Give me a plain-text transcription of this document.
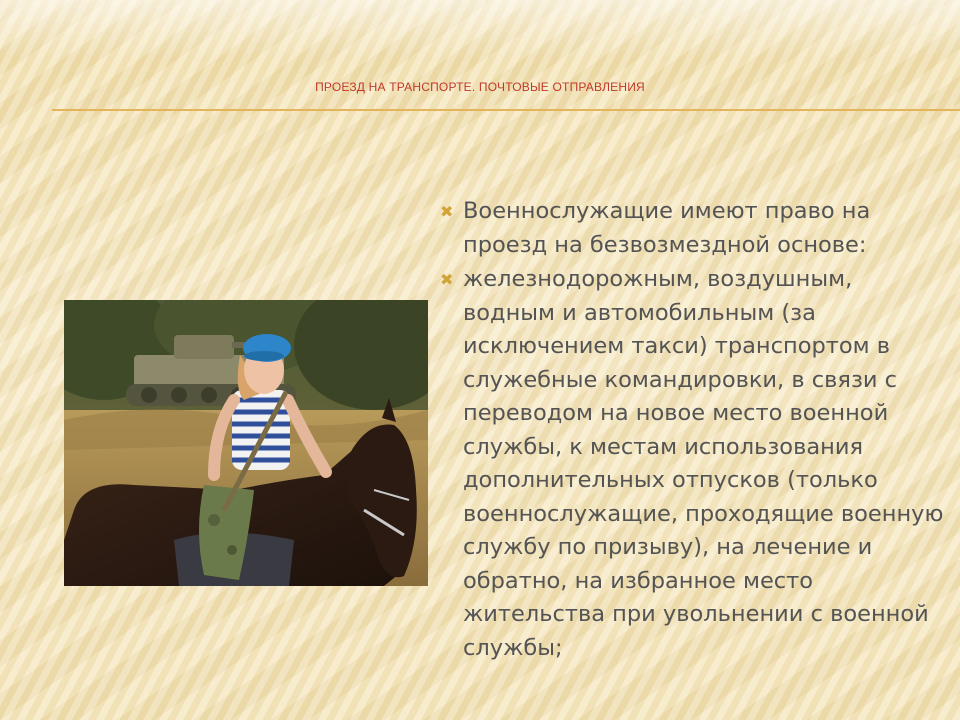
ПРОЕЗД НА ТРАНСПОРТЕ. ПОЧТОВЫЕ ОТПРАВЛЕНИЯ
✖ Военнослужащие имеют право на проезд на безвозмездной основе:
✖ железнодорожным, воздушным, водным и автомобильным (за исключением такси) транспортом в служебные командировки, в связи с переводом на новое место военной службы, к местам использования дополнительных отпусков (только военнослужащие, проходящие военную службу по призыву), на лечение и обратно, на избранное место жительства при увольнении с военной службы;
